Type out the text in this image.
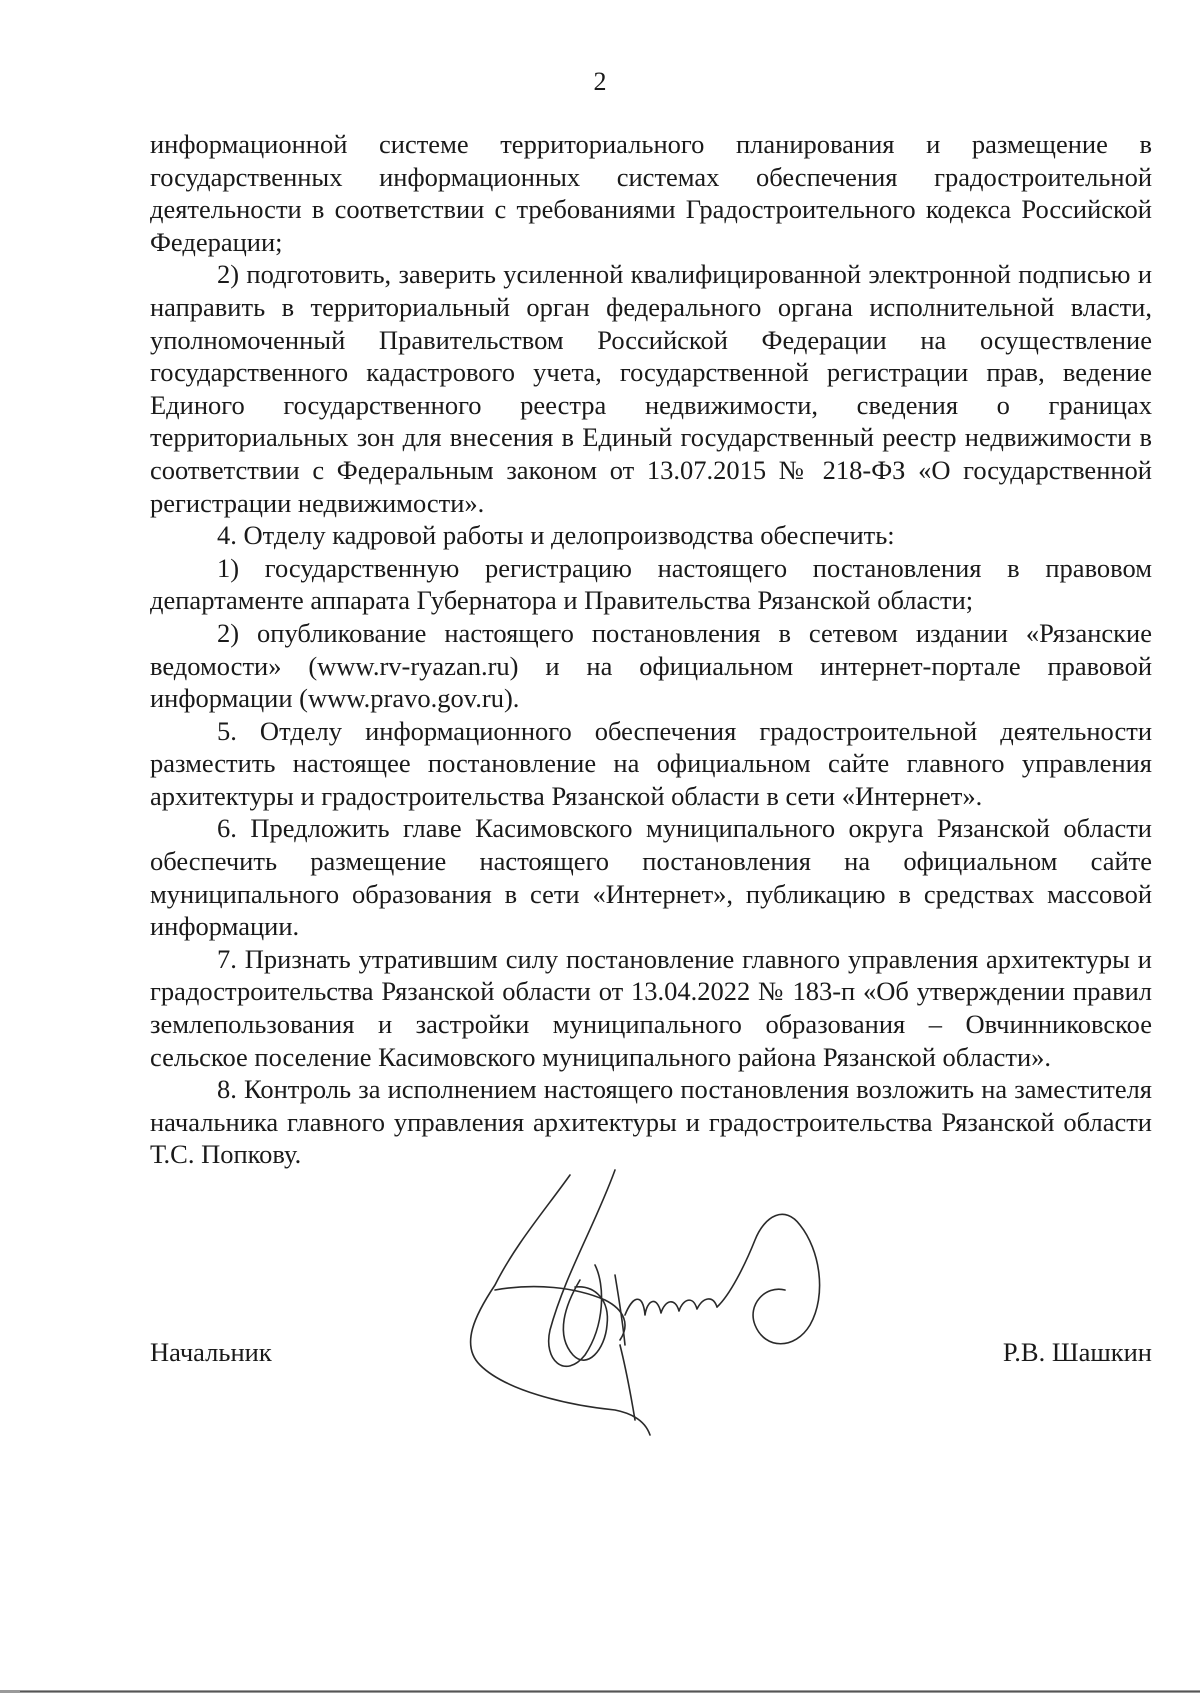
2

информационной системе территориального планирования и размещение в государственных информационных системах обеспечения градостроительной деятельности в соответствии с требованиями Градостроительного кодекса Российской Федерации;

2) подготовить, заверить усиленной квалифицированной электронной подписью и направить в территориальный орган федерального органа исполнительной власти, уполномоченный Правительством Российской Федерации на осуществление государственного кадастрового учета, государственной регистрации прав, ведение Единого государственного реестра недвижимости, сведения о границах территориальных зон для внесения в Единый государственный реестр недвижимости в соответствии с Федеральным законом от 13.07.2015 № 218-ФЗ «О государственной регистрации недвижимости».

4. Отделу кадровой работы и делопроизводства обеспечить:

1) государственную регистрацию настоящего постановления в правовом департаменте аппарата Губернатора и Правительства Рязанской области;

2) опубликование настоящего постановления в сетевом издании «Рязанские ведомости» (www.rv-ryazan.ru) и на официальном интернет-портале правовой информации (www.pravo.gov.ru).

5. Отделу информационного обеспечения градостроительной деятельности разместить настоящее постановление на официальном сайте главного управления архитектуры и градостроительства Рязанской области в сети «Интернет».

6. Предложить главе Касимовского муниципального округа Рязанской области обеспечить размещение настоящего постановления на официальном сайте муниципального образования в сети «Интернет», публикацию в средствах массовой информации.

7. Признать утратившим силу постановление главного управления архитектуры и градостроительства Рязанской области от 13.04.2022 № 183-п «Об утверждении правил землепользования и застройки муниципального образования – Овчинниковское сельское поселение Касимовского муниципального района Рязанской области».

8. Контроль за исполнением настоящего постановления возложить на заместителя начальника главного управления архитектуры и градостроительства Рязанской области Т.С. Попкову.

Начальник	Р.В. Шашкин
